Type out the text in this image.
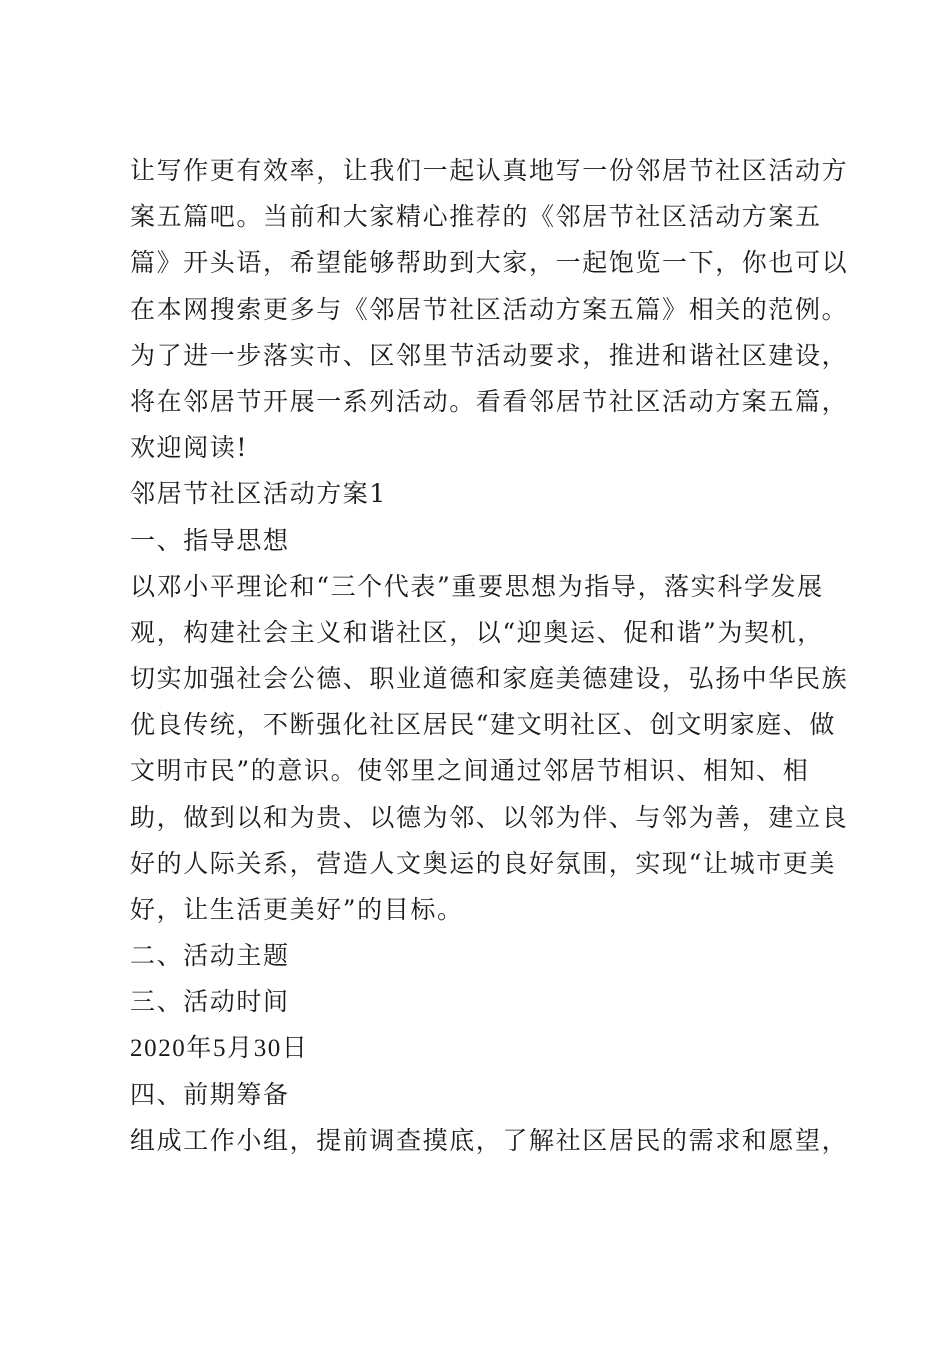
让写作更有效率，让我们一起认真地写一份邻居节社区活动方
案五篇吧。当前和大家精心推荐的《邻居节社区活动方案五
篇》开头语，希望能够帮助到大家，一起饱览一下，你也可以
在本网搜索更多与《邻居节社区活动方案五篇》相关的范例。
为了进一步落实市、区邻里节活动要求，推进和谐社区建设，
将在邻居节开展一系列活动。看看邻居节社区活动方案五篇，
欢迎阅读!
邻居节社区活动方案1
一、指导思想
以邓小平理论和“三个代表”重要思想为指导，落实科学发展
观，构建社会主义和谐社区，以“迎奥运、促和谐”为契机，
切实加强社会公德、职业道德和家庭美德建设，弘扬中华民族
优良传统，不断强化社区居民“建文明社区、创文明家庭、做
文明市民”的意识。使邻里之间通过邻居节相识、相知、相
助，做到以和为贵、以德为邻、以邻为伴、与邻为善，建立良
好的人际关系，营造人文奥运的良好氛围，实现“让城市更美
好，让生活更美好”的目标。
二、活动主题
三、活动时间
2020年5月30日
四、前期筹备
组成工作小组，提前调查摸底，了解社区居民的需求和愿望，
